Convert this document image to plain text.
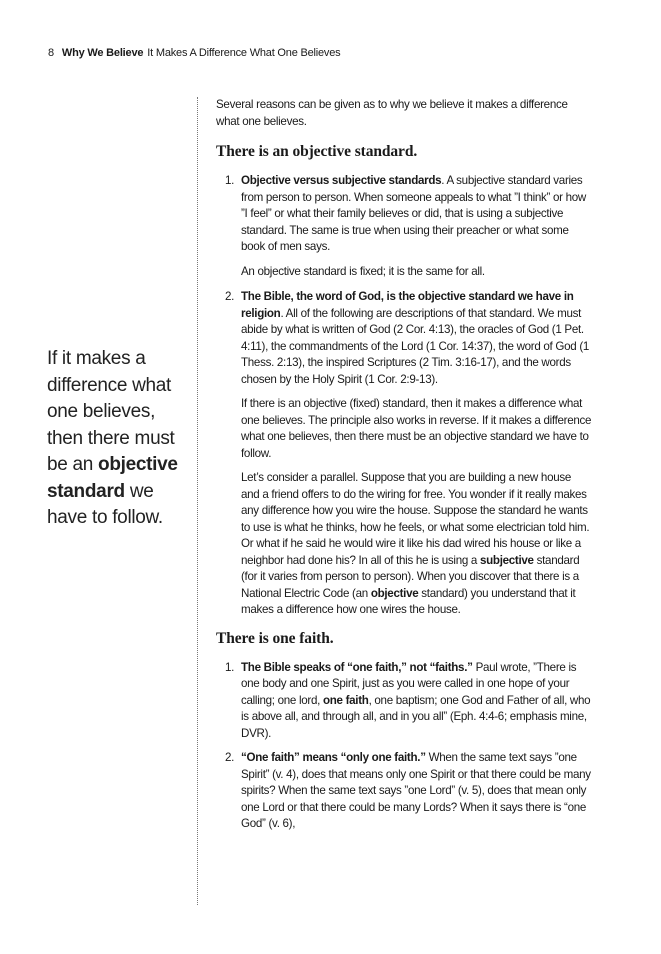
8 Why We Believe It Makes A Difference What One Believes
If it makes a difference what one believes, then there must be an objective standard we have to follow.

Several reasons can be given as to why we believe it makes a difference what one believes.

There is an objective standard.
1. Objective versus subjective standards. A subjective standard varies from person to person. When someone appeals to what ”I think” or how ”I feel” or what their family believes or did, that is using a subjective standard. The same is true when using their preacher or what some book of men says.

An objective standard is fixed; it is the same for all.

2. The Bible, the word of God, is the objective standard we have in religion. All of the following are descriptions of that standard. We must abide by what is written of God (2 Cor. 4:13), the oracles of God (1 Pet. 4:11), the commandments of the Lord (1 Cor. 14:37), the word of God (1 Thess. 2:13), the inspired Scriptures (2 Tim. 3:16-17), and the words chosen by the Holy Spirit (1 Cor. 2:9-13).

If there is an objective (fixed) standard, then it makes a difference what one believes. The principle also works in reverse. If it makes a difference what one believes, then there must be an objective standard we have to follow.

Let’s consider a parallel. Suppose that you are building a new house and a friend offers to do the wiring for free. You wonder if it really makes any difference how you wire the house. Suppose the standard he wants to use is what he thinks, how he feels, or what some electrician told him. Or what if he said he would wire it like his dad wired his house or like a neighbor had done his? In all of this he is using a subjective standard (for it varies from person to person). When you discover that there is a National Electric Code (an objective standard) you understand that it makes a difference how one wires the house.

There is one faith.
1. The Bible speaks of “one faith,” not “faiths.” Paul wrote, ”There is one body and one Spirit, just as you were called in one hope of your calling; one lord, one faith, one baptism; one God and Father of all, who is above all, and through all, and in you all” (Eph. 4:4-6; emphasis mine, DVR).

2. “One faith” means “only one faith.” When the same text says ”one Spirit” (v. 4), does that means only one Spirit or that there could be many spirits? When the same text says ”one Lord” (v. 5), does that mean only one Lord or that there could be many Lords? When it says there is “one God” (v. 6),
